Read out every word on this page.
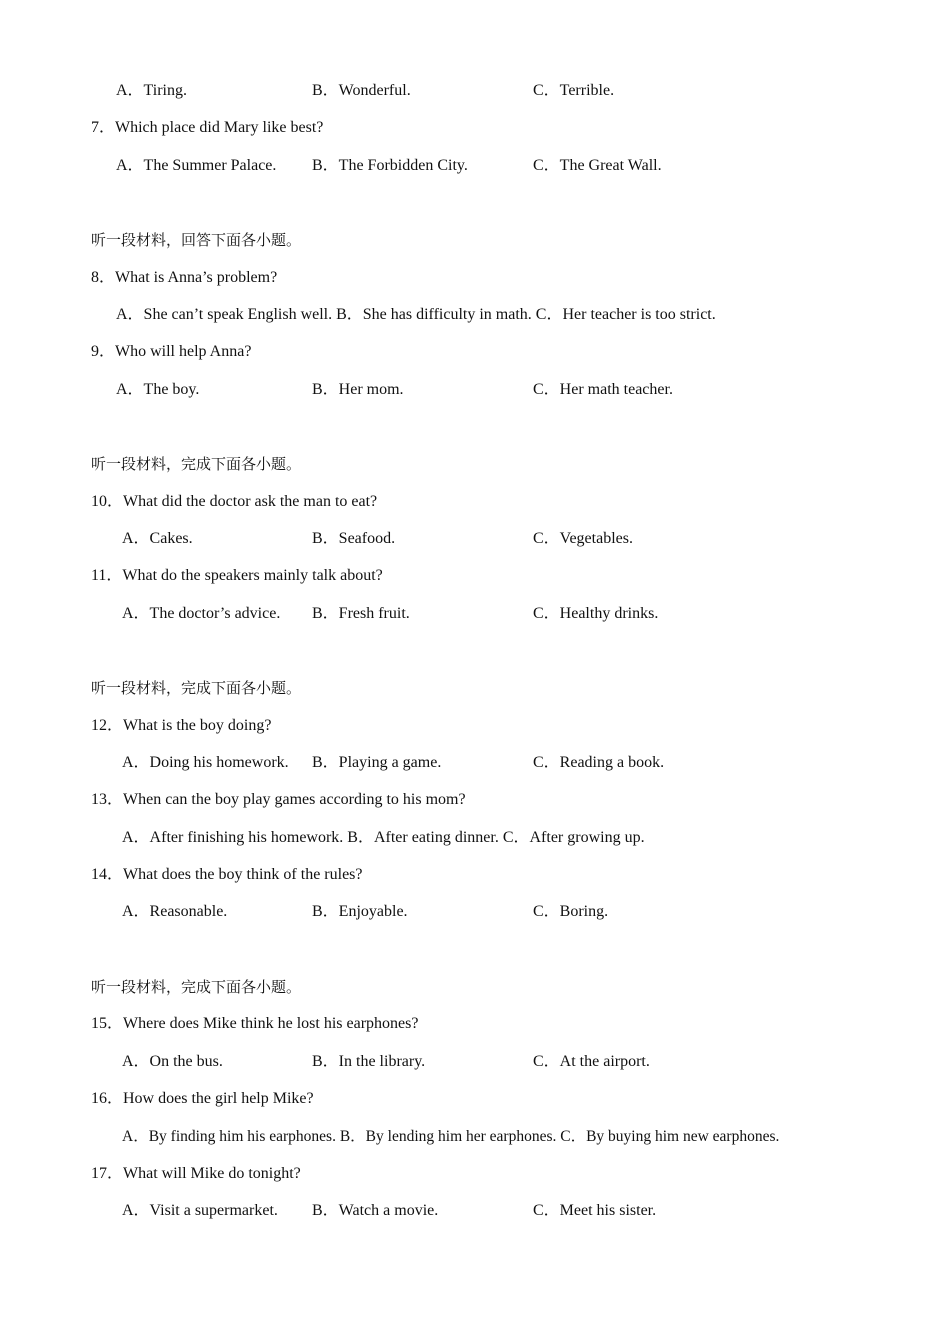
A．Tiring.	B．Wonderful.	C．Terrible.
7．Which place did Mary like best?
A．The Summer Palace. B．The Forbidden City.	C．The Great Wall.
听一段材料，回答下面各小题。
8．What is Anna’s problem?
A．She can’t speak English well. B．She has difficulty in math. C．Her teacher is too strict.
9．Who will help Anna?
A．The boy.	B．Her mom.	C．Her math teacher.
听一段材料，完成下面各小题。
10．What did the doctor ask the man to eat?
A．Cakes.	B．Seafood.	C．Vegetables.
11．What do the speakers mainly talk about?
A．The doctor’s advice. B．Fresh fruit.	C．Healthy drinks.
听一段材料，完成下面各小题。
12．What is the boy doing?
A．Doing his homework. B．Playing a game.	C．Reading a book.
13．When can the boy play games according to his mom?
A．After finishing his homework. B．After eating dinner. C．After growing up.
14．What does the boy think of the rules?
A．Reasonable.	B．Enjoyable.	C．Boring.
听一段材料，完成下面各小题。
15．Where does Mike think he lost his earphones?
A．On the bus.	B．In the library.	C．At the airport.
16．How does the girl help Mike?
A．By finding him his earphones. B．By lending him her earphones. C．By buying him new earphones.
17．What will Mike do tonight?
A．Visit a supermarket. B．Watch a movie.	C．Meet his sister.
